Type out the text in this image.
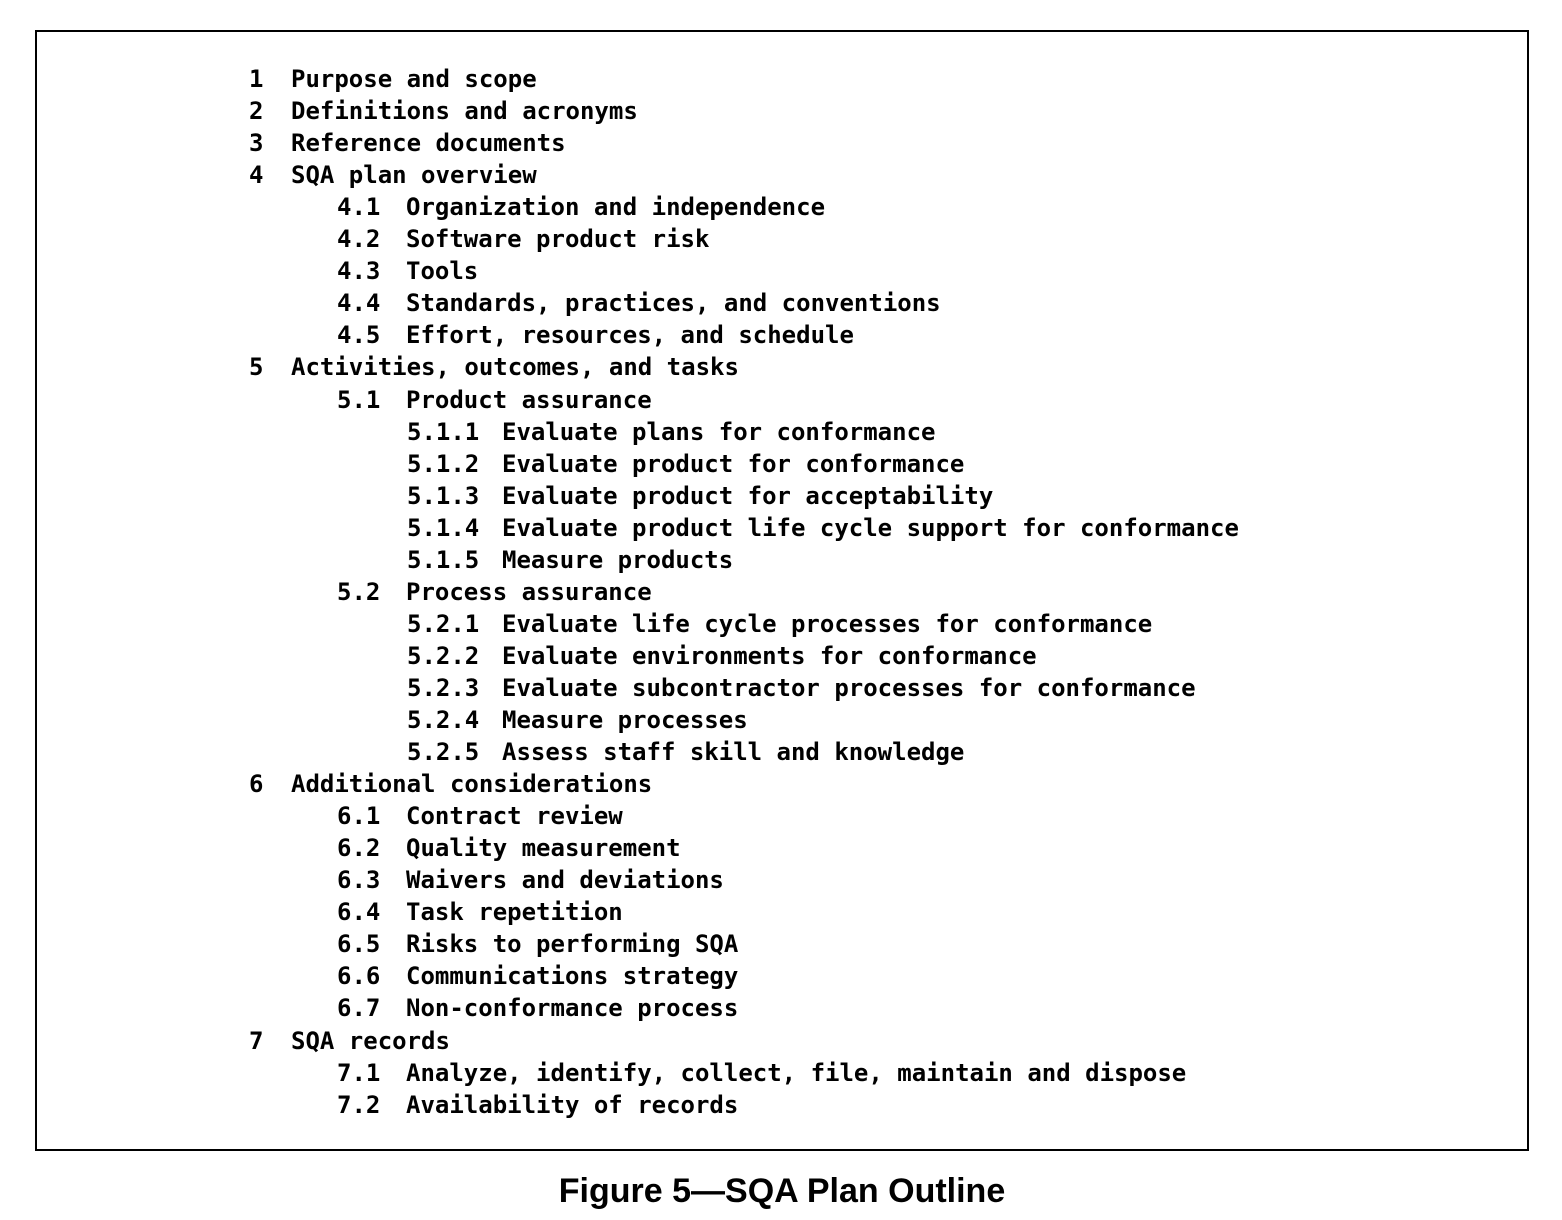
1 Purpose and scope
2 Definitions and acronyms
3 Reference documents
4 SQA plan overview
4.1 Organization and independence
4.2 Software product risk
4.3 Tools
4.4 Standards, practices, and conventions
4.5 Effort, resources, and schedule
5 Activities, outcomes, and tasks
5.1 Product assurance
5.1.1 Evaluate plans for conformance
5.1.2 Evaluate product for conformance
5.1.3 Evaluate product for acceptability
5.1.4 Evaluate product life cycle support for conformance
5.1.5 Measure products
5.2 Process assurance
5.2.1 Evaluate life cycle processes for conformance
5.2.2 Evaluate environments for conformance
5.2.3 Evaluate subcontractor processes for conformance
5.2.4 Measure processes
5.2.5 Assess staff skill and knowledge
6 Additional considerations
6.1 Contract review
6.2 Quality measurement
6.3 Waivers and deviations
6.4 Task repetition
6.5 Risks to performing SQA
6.6 Communications strategy
6.7 Non-conformance process
7 SQA records
7.1 Analyze, identify, collect, file, maintain and dispose
7.2 Availability of records
Figure 5—SQA Plan Outline
